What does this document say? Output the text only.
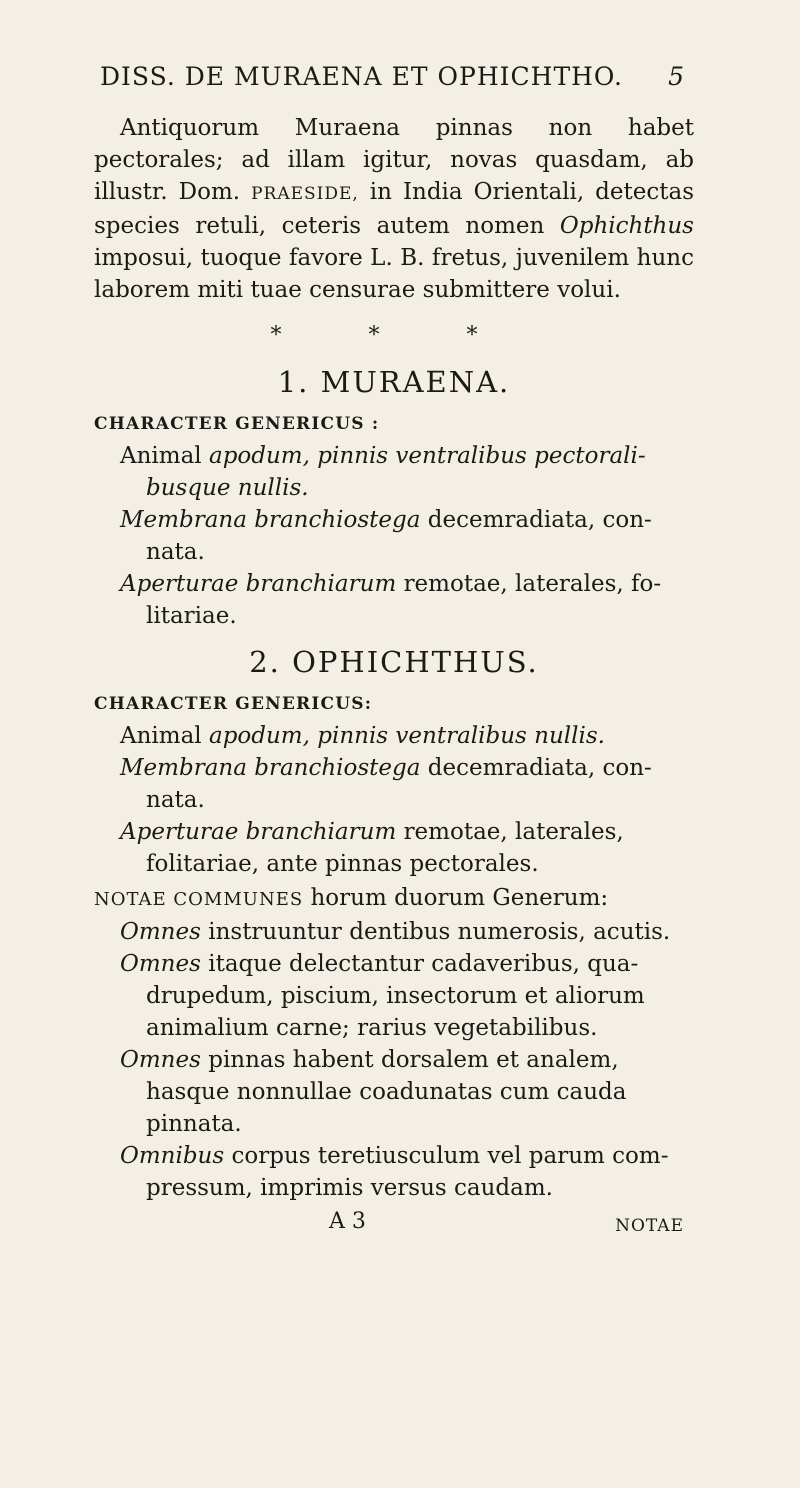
DISS. DE MURAENA ET OPHICHTHO. 5

Antiquorum Muraena pinnas non habet pectorales; ad illam igitur, novas quasdam, ab illustr. Dom. PRAESIDE, in India Orientali, detectas species retuli, ceteris autem nomen Ophichthus imposui, tuoque favore L. B. fretus, juvenilem hunc laborem miti tuae censurae submittere volui.

* * *
1. MURAENA.
CHARACTER GENERICUS :

Animal apodum, pinnis ventralibus pectorali-busque nullis.

Membrana branchiostega decemradiata, con-nata.

Aperturae branchiarum remotae, laterales, fo-litariae.

2. OPHICHTHUS.
CHARACTER GENERICUS:

Animal apodum, pinnis ventralibus nullis.

Membrana branchiostega decemradiata, con-nata.

Aperturae branchiarum remotae, laterales, folitariae, ante pinnas pectorales.

NOTAE COMMUNES horum duorum Generum:

Omnes instruuntur dentibus numerosis, acutis.

Omnes itaque delectantur cadaveribus, qua-drupedum, piscium, insectorum et aliorum animalium carne; rarius vegetabilibus.

Omnes pinnas habent dorsalem et analem, hasque nonnullae coadunatas cum cauda pinnata.

Omnibus corpus teretiusculum vel parum com-pressum, imprimis versus caudam.

A 3	NOTAE
